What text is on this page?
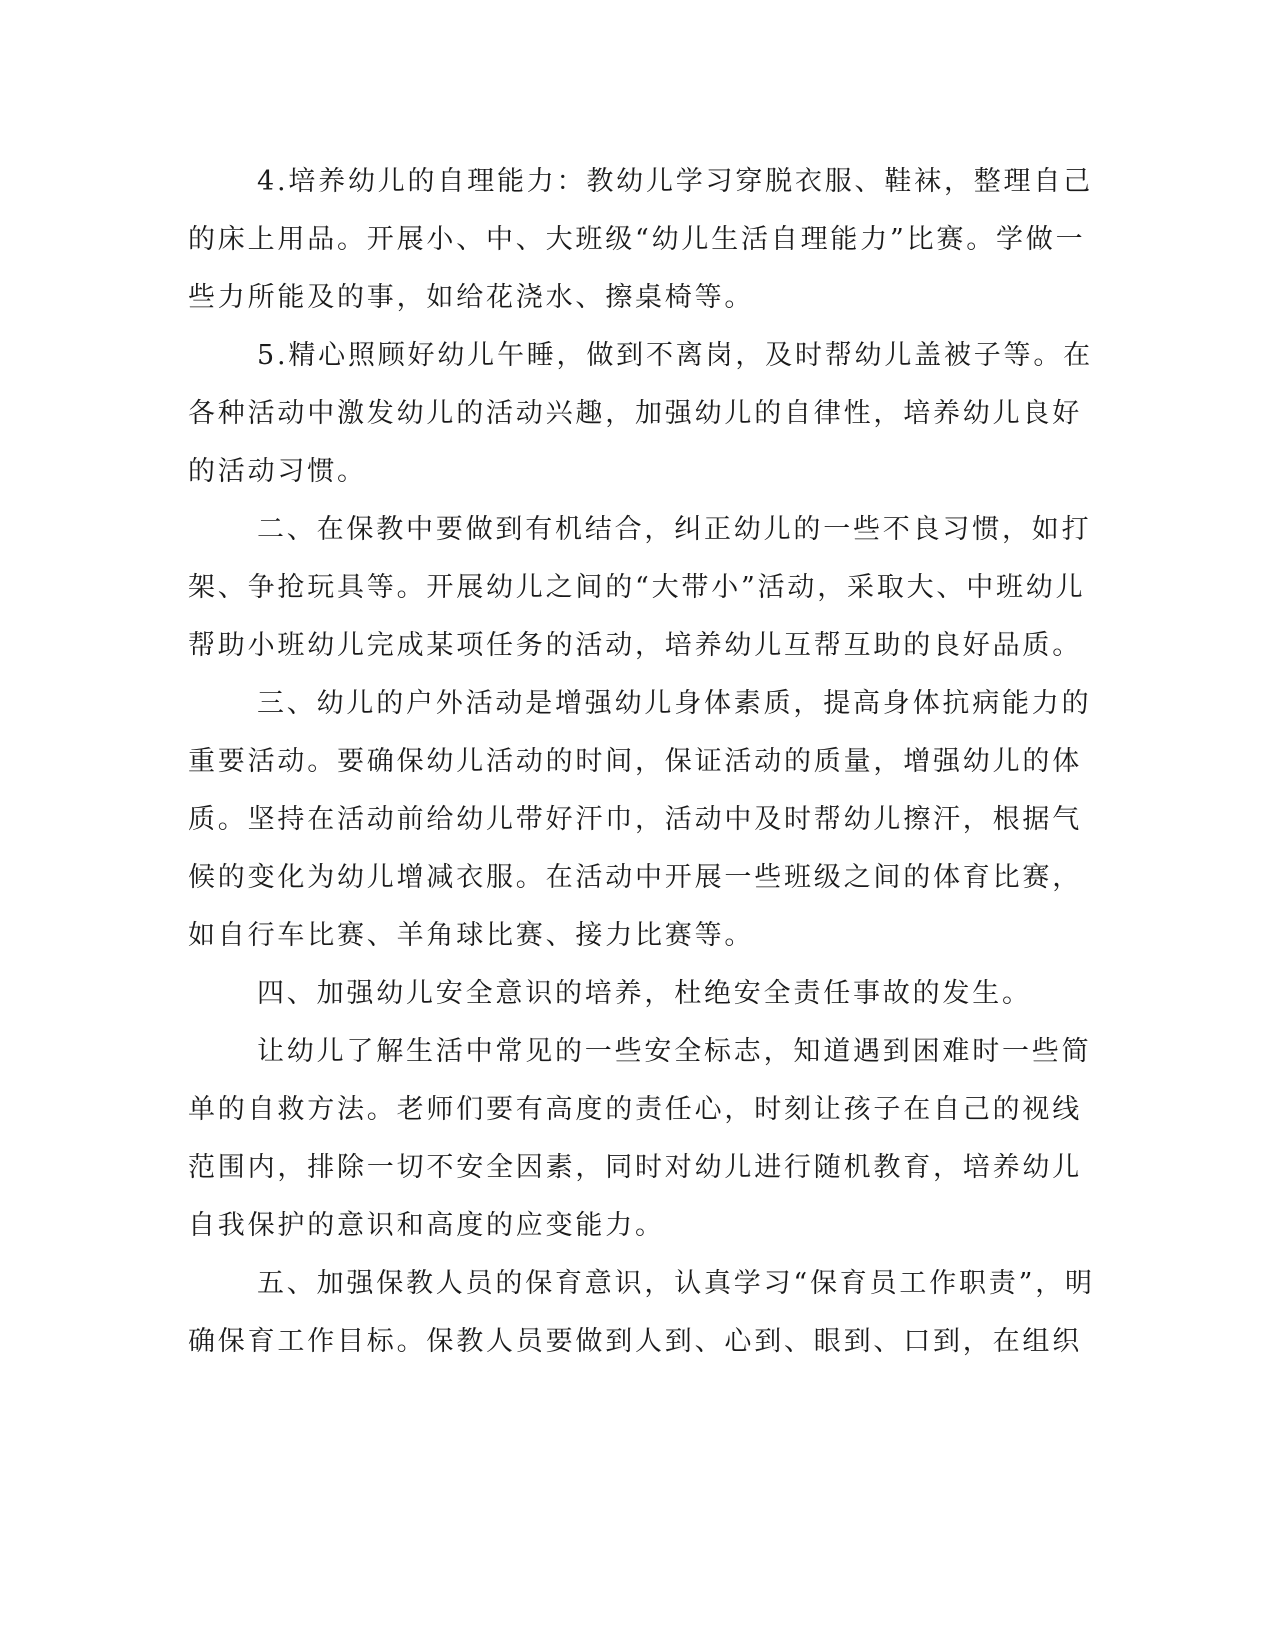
4.培养幼儿的自理能力：教幼儿学习穿脱衣服、鞋袜，整理自己
的床上用品。开展小、中、大班级“幼儿生活自理能力”比赛。学做一
些力所能及的事，如给花浇水、擦桌椅等。
5.精心照顾好幼儿午睡，做到不离岗，及时帮幼儿盖被子等。在
各种活动中激发幼儿的活动兴趣，加强幼儿的自律性，培养幼儿良好
的活动习惯。
二、在保教中要做到有机结合，纠正幼儿的一些不良习惯，如打
架、争抢玩具等。开展幼儿之间的“大带小”活动，采取大、中班幼儿
帮助小班幼儿完成某项任务的活动，培养幼儿互帮互助的良好品质。
三、幼儿的户外活动是增强幼儿身体素质，提高身体抗病能力的
重要活动。要确保幼儿活动的时间，保证活动的质量，增强幼儿的体
质。坚持在活动前给幼儿带好汗巾，活动中及时帮幼儿擦汗，根据气
候的变化为幼儿增减衣服。在活动中开展一些班级之间的体育比赛，
如自行车比赛、羊角球比赛、接力比赛等。
四、加强幼儿安全意识的培养，杜绝安全责任事故的发生。
让幼儿了解生活中常见的一些安全标志，知道遇到困难时一些简
单的自救方法。老师们要有高度的责任心，时刻让孩子在自己的视线
范围内，排除一切不安全因素，同时对幼儿进行随机教育，培养幼儿
自我保护的意识和高度的应变能力。
五、加强保教人员的保育意识，认真学习“保育员工作职责”，明
确保育工作目标。保教人员要做到人到、心到、眼到、口到，在组织
